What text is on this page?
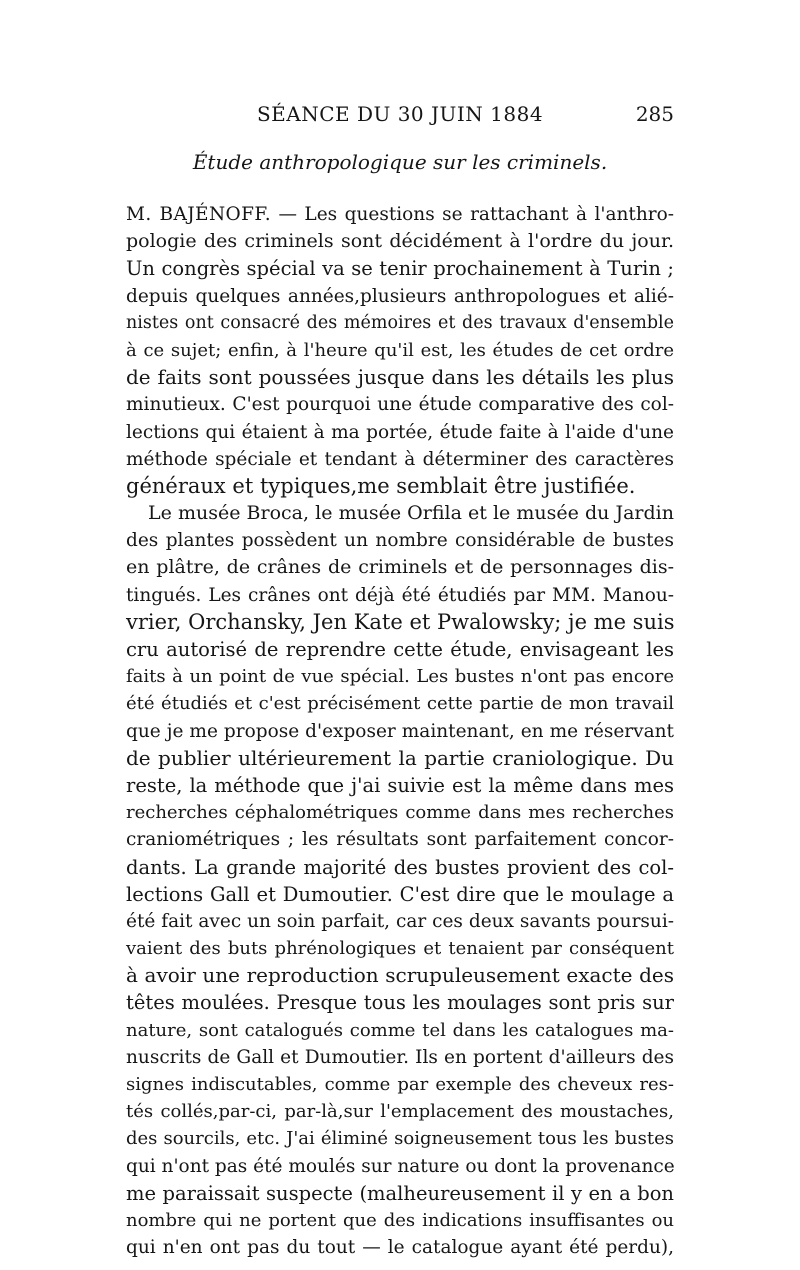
SÉANCE DU 30 JUIN 1884	285
Étude anthropologique sur les criminels.
M. BAJÉNOFF. — Les questions se rattachant à l'anthro-
pologie des criminels sont décidément à l'ordre du jour.
Un congrès spécial va se tenir prochainement à Turin ;
depuis quelques années,plusieurs anthropologues et alié-
nistes ont consacré des mémoires et des travaux d'ensemble
à ce sujet; enfin, à l'heure qu'il est, les études de cet ordre
de faits sont poussées jusque dans les détails les plus
minutieux. C'est pourquoi une étude comparative des col-
lections qui étaient à ma portée, étude faite à l'aide d'une
méthode spéciale et tendant à déterminer des caractères
généraux et typiques,me semblait être justifiée.
Le musée Broca, le musée Orfila et le musée du Jardin
des plantes possèdent un nombre considérable de bustes
en plâtre, de crânes de criminels et de personnages dis-
tingués. Les crânes ont déjà été étudiés par MM. Manou-
vrier, Orchansky, Jen Kate et Pwalowsky; je me suis
cru autorisé de reprendre cette étude, envisageant les
faits à un point de vue spécial. Les bustes n'ont pas encore
été étudiés et c'est précisément cette partie de mon travail
que je me propose d'exposer maintenant, en me réservant
de publier ultérieurement la partie craniologique. Du
reste, la méthode que j'ai suivie est la même dans mes
recherches céphalométriques comme dans mes recherches
craniométriques ; les résultats sont parfaitement concor-
dants. La grande majorité des bustes provient des col-
lections Gall et Dumoutier. C'est dire que le moulage a
été fait avec un soin parfait, car ces deux savants poursui-
vaient des buts phrénologiques et tenaient par conséquent
à avoir une reproduction scrupuleusement exacte des
têtes moulées. Presque tous les moulages sont pris sur
nature, sont catalogués comme tel dans les catalogues ma-
nuscrits de Gall et Dumoutier. Ils en portent d'ailleurs des
signes indiscutables, comme par exemple des cheveux res-
tés collés,par-ci, par-là,sur l'emplacement des moustaches,
des sourcils, etc. J'ai éliminé soigneusement tous les bustes
qui n'ont pas été moulés sur nature ou dont la provenance
me paraissait suspecte (malheureusement il y en a bon
nombre qui ne portent que des indications insuffisantes ou
qui n'en ont pas du tout — le catalogue ayant été perdu),
